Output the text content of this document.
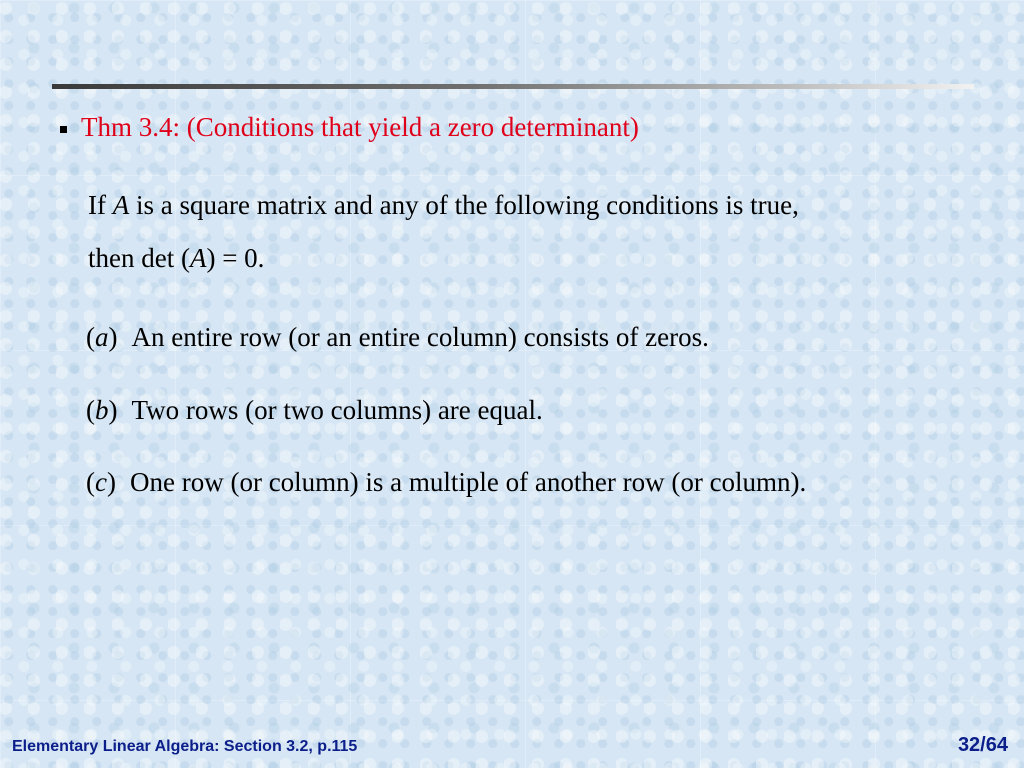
Thm 3.4: (Conditions that yield a zero determinant)
If A is a square matrix and any of the following conditions is true,
then det (A) = 0.
(a) An entire row (or an entire column) consists of zeros.
(b) Two rows (or two columns) are equal.
(c) One row (or column) is a multiple of another row (or column).
Elementary Linear Algebra: Section 3.2, p.115	32/64
